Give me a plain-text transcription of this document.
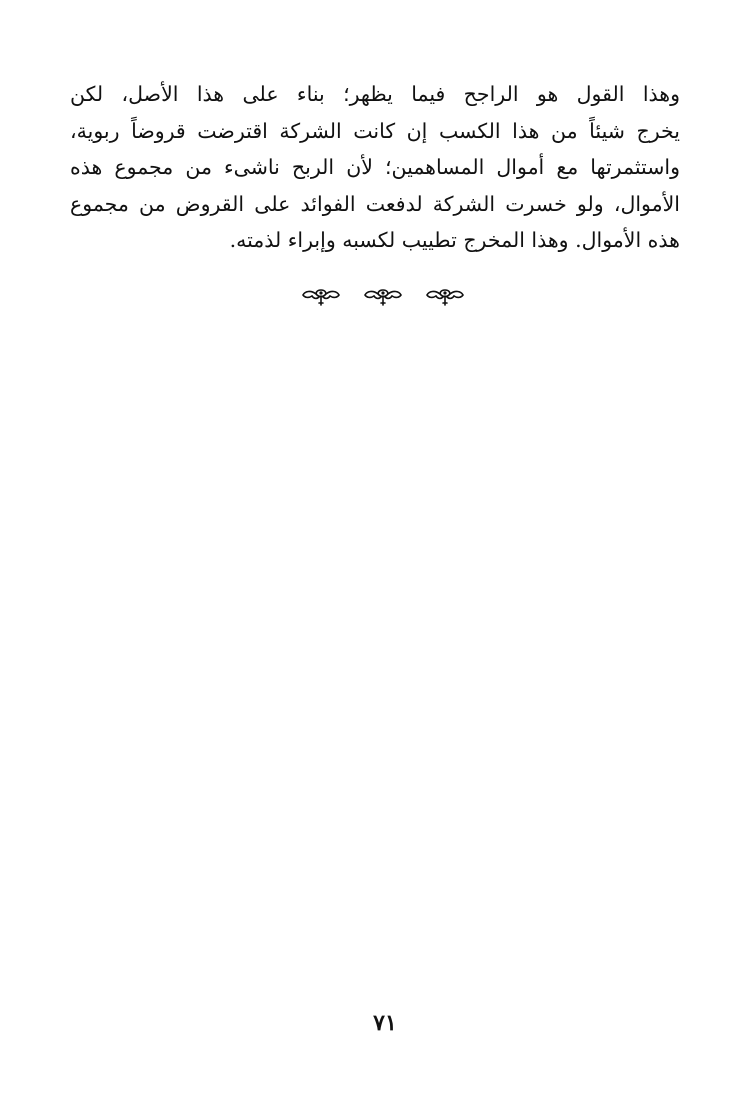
وهذا القول هو الراجح فيما يظهر؛ بناء على هذا الأصل، لكن
يخرج شيئاً من هذا الكسب إن كانت الشركة اقترضت قروضاً ربوية،
واستثمرتها مع أموال المساهمين؛ لأن الربح ناشىء من مجموع هذه
الأموال، ولو خسرت الشركة لدفعت الفوائد على القروض من مجموع
هذه الأموال. وهذا المخرج تطييب لكسبه وإبراء لذمته.
٧١
